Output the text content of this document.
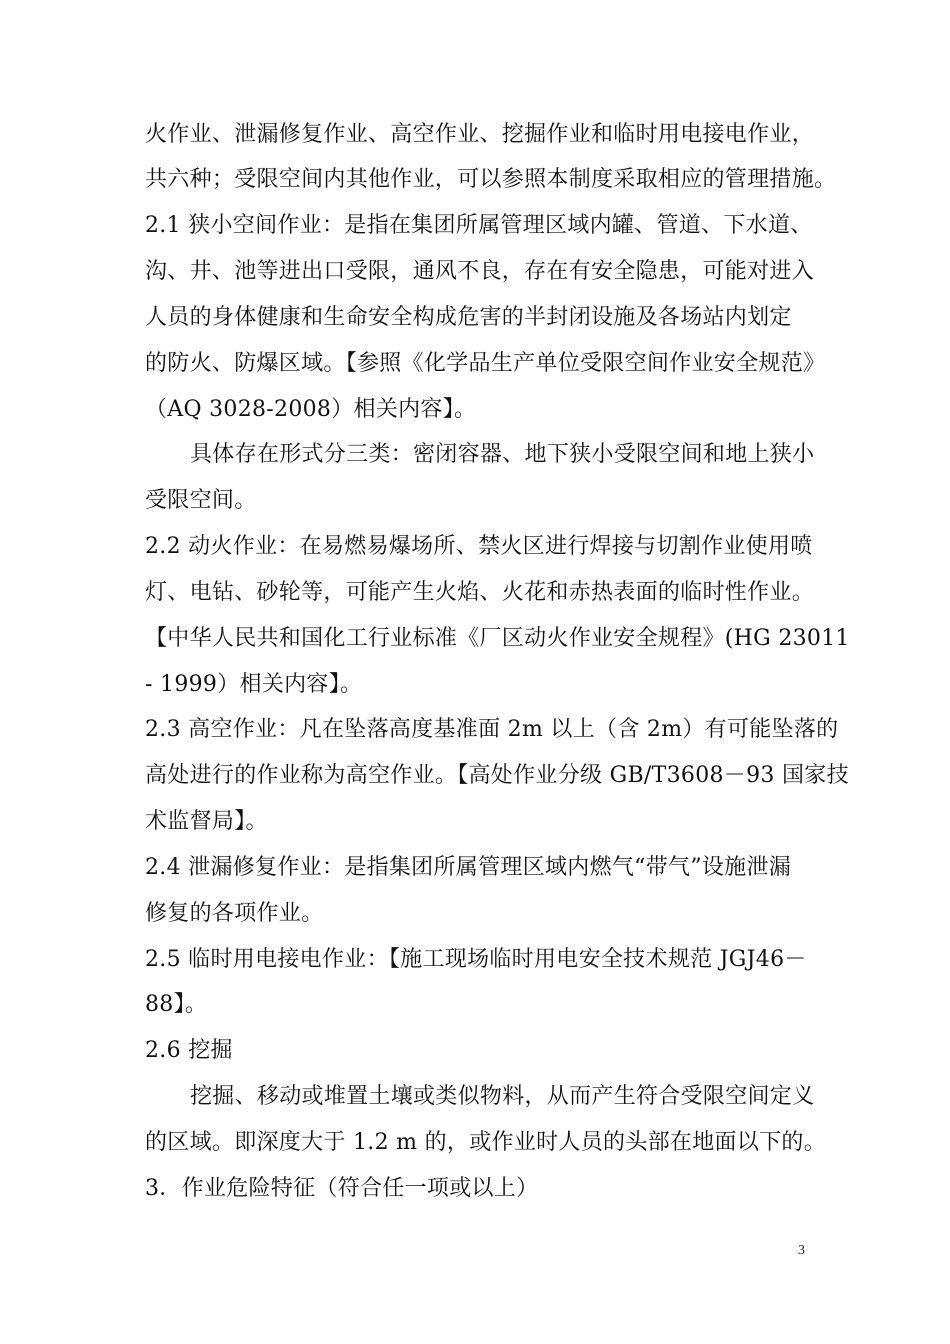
火作业、泄漏修复作业、高空作业、挖掘作业和临时用电接电作业，
共六种；受限空间内其他作业，可以参照本制度采取相应的管理措施。
2.1 狭小空间作业：是指在集团所属管理区域内罐、管道、下水道、
沟、井、池等进出口受限，通风不良，存在有安全隐患，可能对进入
人员的身体健康和生命安全构成危害的半封闭设施及各场站内划定
的防火、防爆区域。【参照《化学品生产单位受限空间作业安全规范》
（AQ 3028-2008）相关内容】。
具体存在形式分三类：密闭容器、地下狭小受限空间和地上狭小
受限空间。
2.2 动火作业：在易燃易爆场所、禁火区进行焊接与切割作业使用喷
灯、电钻、砂轮等，可能产生火焰、火花和赤热表面的临时性作业。
【中华人民共和国化工行业标准《厂区动火作业安全规程》(HG 23011
- 1999）相关内容】。
2.3 高空作业：凡在坠落高度基准面 2m 以上（含 2m）有可能坠落的
高处进行的作业称为高空作业。【高处作业分级 GB/T3608－93 国家技
术监督局】。
2.4 泄漏修复作业：是指集团所属管理区域内燃气“带气”设施泄漏
修复的各项作业。
2.5 临时用电接电作业：【施工现场临时用电安全技术规范 JGJ46－
88】。
2.6 挖掘
挖掘、移动或堆置土壤或类似物料，从而产生符合受限空间定义
的区域。即深度大于 1.2 m 的，或作业时人员的头部在地面以下的。
3．作业危险特征（符合任一项或以上）
3
